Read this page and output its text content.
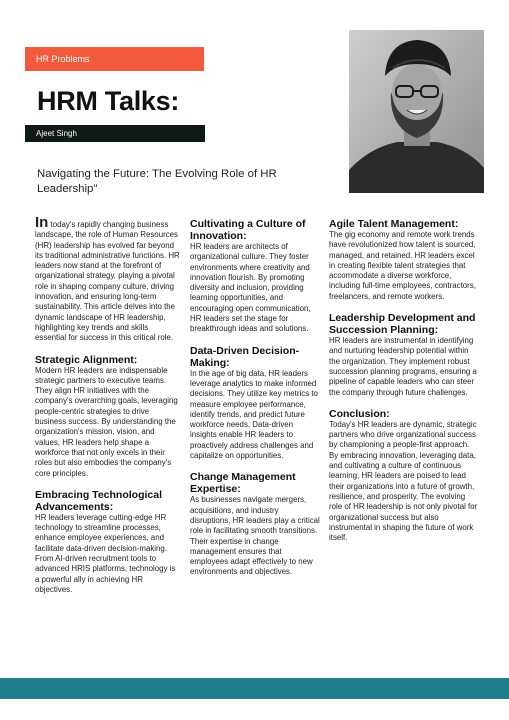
HR Problems
HRM Talks:
Ajeet Singh
Navigating the Future: The Evolving Role of HR Leadership"

In today's rapidly changing business landscape, the role of Human Resources (HR) leadership has evolved far beyond its traditional administrative functions. HR leaders now stand at the forefront of organizational strategy, playing a pivotal role in shaping company culture, driving innovation, and ensuring long-term sustainability. This article delves into the dynamic landscape of HR leadership, highlighting key trends and skills essential for success in this critical role.

Strategic Alignment:

Modern HR leaders are indispensable strategic partners to executive teams. They align HR initiatives with the company's overarching goals, leveraging people-centric strategies to drive business success. By understanding the organization's mission, vision, and values, HR leaders help shape a workforce that not only excels in their roles but also embodies the company's core principles.

Embracing Technological Advancements:

HR leaders leverage cutting-edge HR technology to streamline processes, enhance employee experiences, and facilitate data-driven decision-making. From AI-driven recruitment tools to advanced HRIS platforms, technology is a powerful ally in achieving HR objectives.

Cultivating a Culture of Innovation:

HR leaders are architects of organizational culture. They foster environments where creativity and innovation flourish. By promoting diversity and inclusion, providing learning opportunities, and encouraging open communication, HR leaders set the stage for breakthrough ideas and solutions.

Data-Driven Decision-Making:

In the age of big data, HR leaders leverage analytics to make informed decisions. They utilize key metrics to measure employee performance, identify trends, and predict future workforce needs. Data-driven insights enable HR leaders to proactively address challenges and capitalize on opportunities.

Change Management Expertise:

As businesses navigate mergers, acquisitions, and industry disruptions, HR leaders play a critical role in facilitating smooth transitions. Their expertise in change management ensures that employees adapt effectively to new environments and objectives.

Agile Talent Management:

The gig economy and remote work trends have revolutionized how talent is sourced, managed, and retained. HR leaders excel in creating flexible talent strategies that accommodate a diverse workforce, including full-time employees, contractors, freelancers, and remote workers.

Leadership Development and Succession Planning:

HR leaders are instrumental in identifying and nurturing leadership potential within the organization. They implement robust succession planning programs, ensuring a pipeline of capable leaders who can steer the company through future challenges.

Conclusion:

Today's HR leaders are dynamic, strategic partners who drive organizational success by championing a people-first approach. By embracing innovation, leveraging data, and cultivating a culture of continuous learning, HR leaders are poised to lead their organizations into a future of growth, resilience, and prosperity. The evolving role of HR leadership is not only pivotal for organizational success but also instrumental in shaping the future of work itself.
